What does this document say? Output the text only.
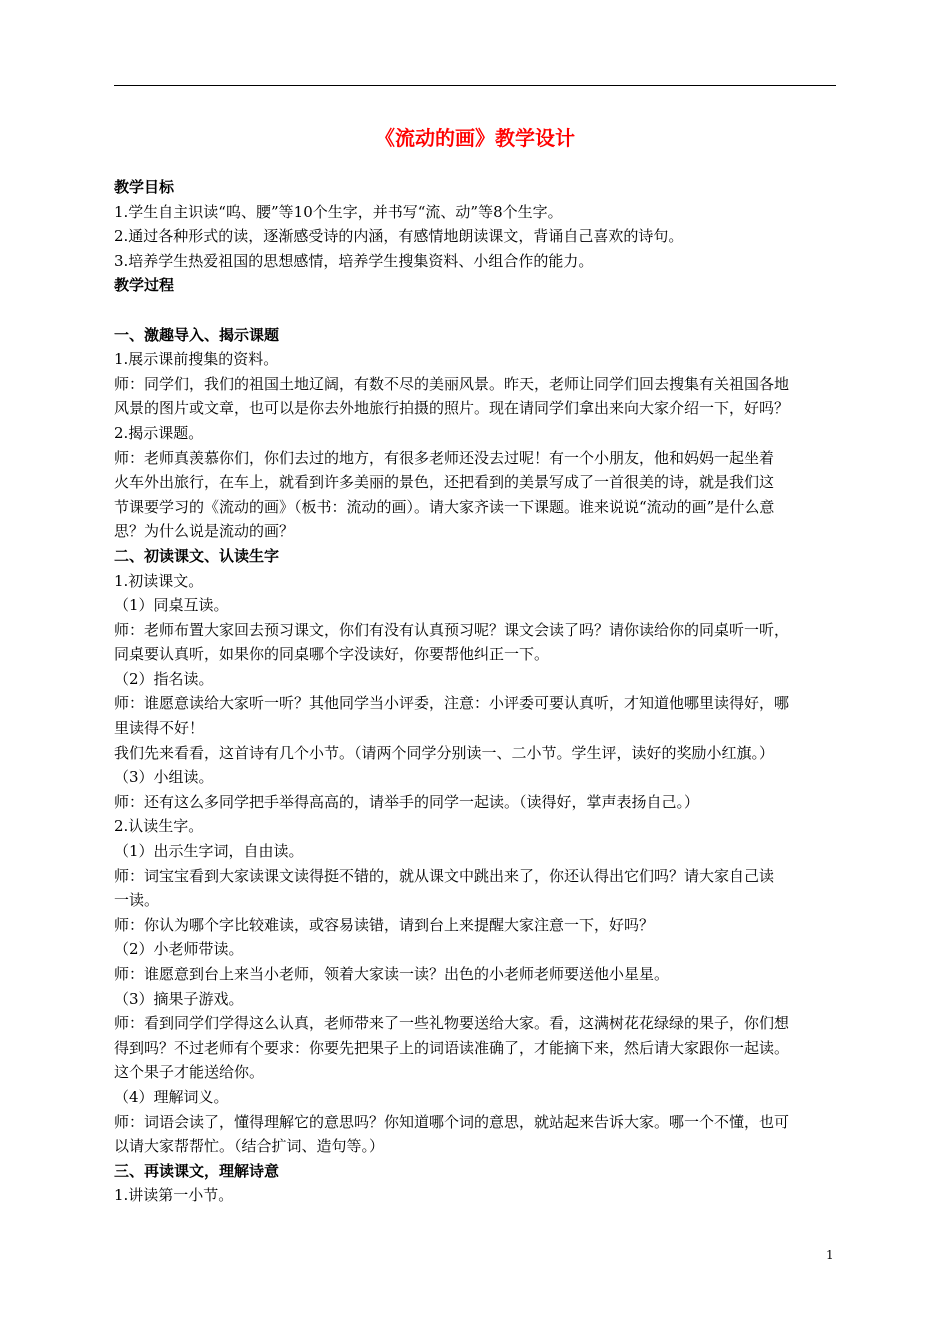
《流动的画》教学设计

教学目标

1.学生自主识读“呜、腰”等10个生字，并书写“流、动”等8个生字。

2.通过各种形式的读，逐渐感受诗的内涵，有感情地朗读课文，背诵自己喜欢的诗句。

3.培养学生热爱祖国的思想感情，培养学生搜集资料、小组合作的能力。

教学过程

一、激趣导入、揭示课题

1.展示课前搜集的资料。

师：同学们，我们的祖国土地辽阔，有数不尽的美丽风景。昨天，老师让同学们回去搜集有关祖国各地

风景的图片或文章，也可以是你去外地旅行拍摄的照片。现在请同学们拿出来向大家介绍一下，好吗？

2.揭示课题。

师：老师真羡慕你们，你们去过的地方，有很多老师还没去过呢！有一个小朋友，他和妈妈一起坐着

火车外出旅行，在车上，就看到许多美丽的景色，还把看到的美景写成了一首很美的诗，就是我们这

节课要学习的《流动的画》（板书：流动的画）。请大家齐读一下课题。谁来说说“流动的画”是什么意

思？为什么说是流动的画？

二、初读课文、认读生字

1.初读课文。

（1）同桌互读。

师：老师布置大家回去预习课文，你们有没有认真预习呢？课文会读了吗？请你读给你的同桌听一听，

同桌要认真听，如果你的同桌哪个字没读好，你要帮他纠正一下。

（2）指名读。

师：谁愿意读给大家听一听？其他同学当小评委，注意：小评委可要认真听，才知道他哪里读得好，哪

里读得不好！

我们先来看看，这首诗有几个小节。（请两个同学分别读一、二小节。学生评，读好的奖励小红旗。）

（3）小组读。

师：还有这么多同学把手举得高高的，请举手的同学一起读。（读得好，掌声表扬自己。）

2.认读生字。

（1）出示生字词，自由读。

师：词宝宝看到大家读课文读得挺不错的，就从课文中跳出来了，你还认得出它们吗？请大家自己读

一读。

师：你认为哪个字比较难读，或容易读错，请到台上来提醒大家注意一下，好吗？

（2）小老师带读。

师：谁愿意到台上来当小老师，领着大家读一读？出色的小老师老师要送他小星星。

（3）摘果子游戏。

师：看到同学们学得这么认真，老师带来了一些礼物要送给大家。看，这满树花花绿绿的果子，你们想

得到吗？不过老师有个要求：你要先把果子上的词语读准确了，才能摘下来，然后请大家跟你一起读。

这个果子才能送给你。

（4）理解词义。

师：词语会读了，懂得理解它的意思吗？你知道哪个词的意思，就站起来告诉大家。哪一个不懂，也可

以请大家帮帮忙。（结合扩词、造句等。）

三、再读课文，理解诗意

1.讲读第一小节。

1
